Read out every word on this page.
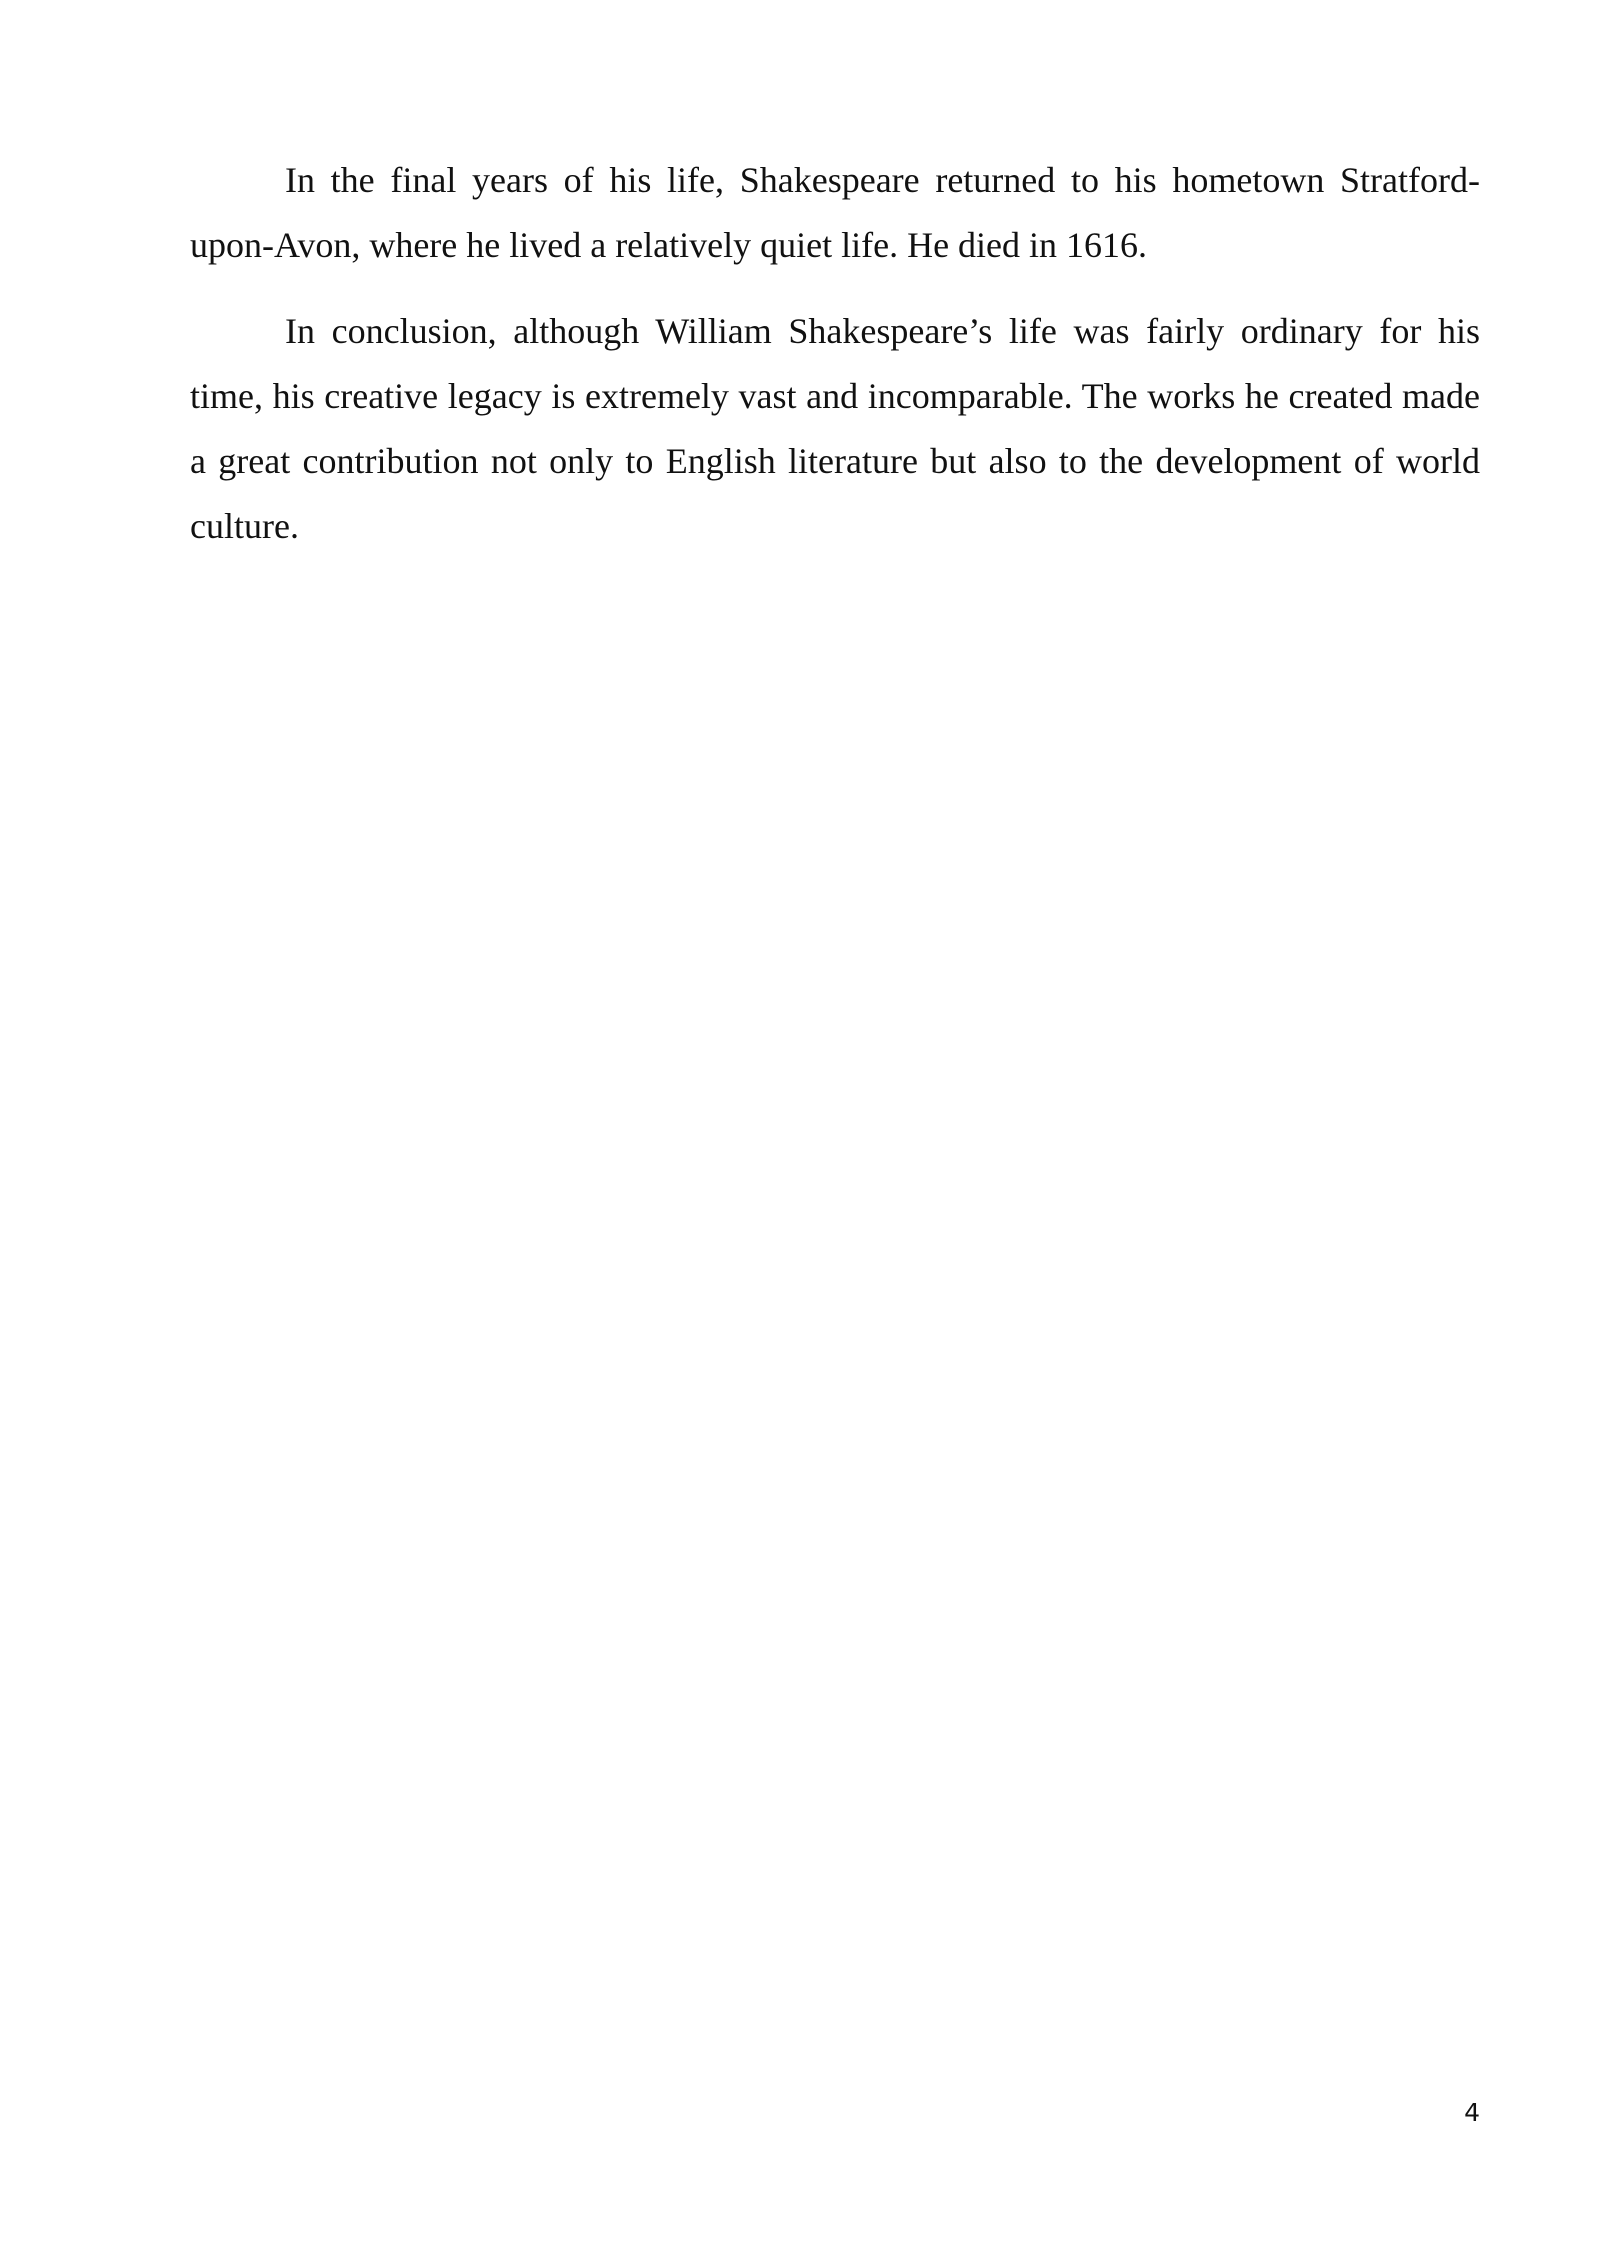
In the final years of his life, Shakespeare returned to his hometown Stratford-upon-Avon, where he lived a relatively quiet life. He died in 1616.

In conclusion, although William Shakespeare’s life was fairly ordinary for his time, his creative legacy is extremely vast and incomparable. The works he created made a great contribution not only to English literature but also to the development of world culture.

4
